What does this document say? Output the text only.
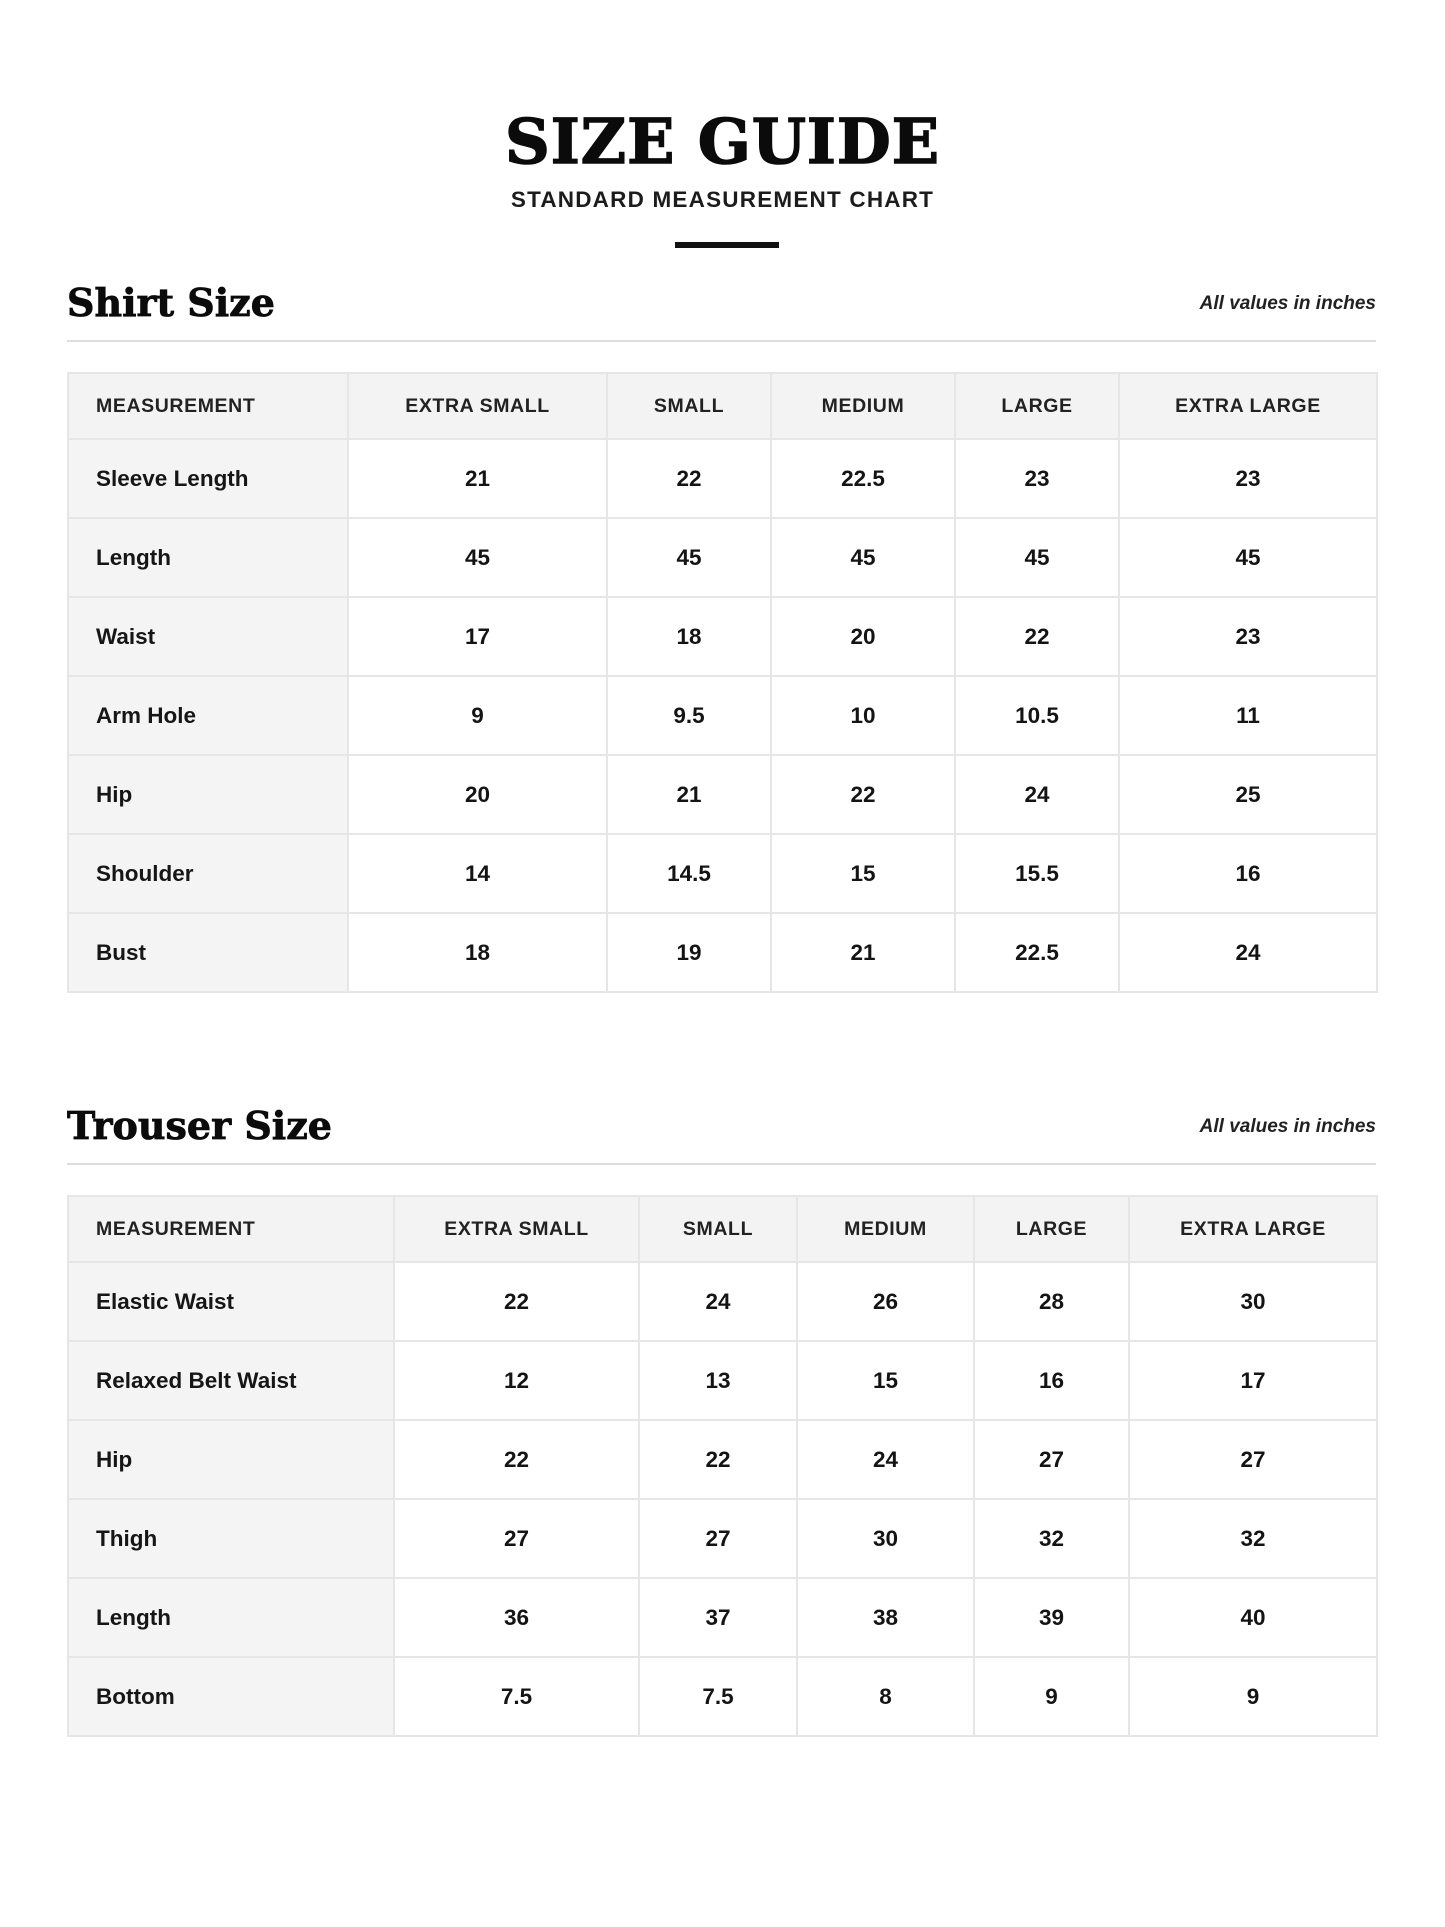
SIZE GUIDE
STANDARD MEASUREMENT CHART
Shirt Size	All values in inches
MEASUREMENT	EXTRA SMALL	SMALL	MEDIUM	LARGE	EXTRA LARGE
Sleeve Length	21	22	22.5	23	23
Length	45	45	45	45	45
Waist	17	18	20	22	23
Arm Hole	9	9.5	10	10.5	11
Hip	20	21	22	24	25
Shoulder	14	14.5	15	15.5	16
Bust	18	19	21	22.5	24
Trouser Size	All values in inches
MEASUREMENT	EXTRA SMALL	SMALL	MEDIUM	LARGE	EXTRA LARGE
Elastic Waist	22	24	26	28	30
Relaxed Belt Waist	12	13	15	16	17
Hip	22	22	24	27	27
Thigh	27	27	30	32	32
Length	36	37	38	39	40
Bottom	7.5	7.5	8	9	9
